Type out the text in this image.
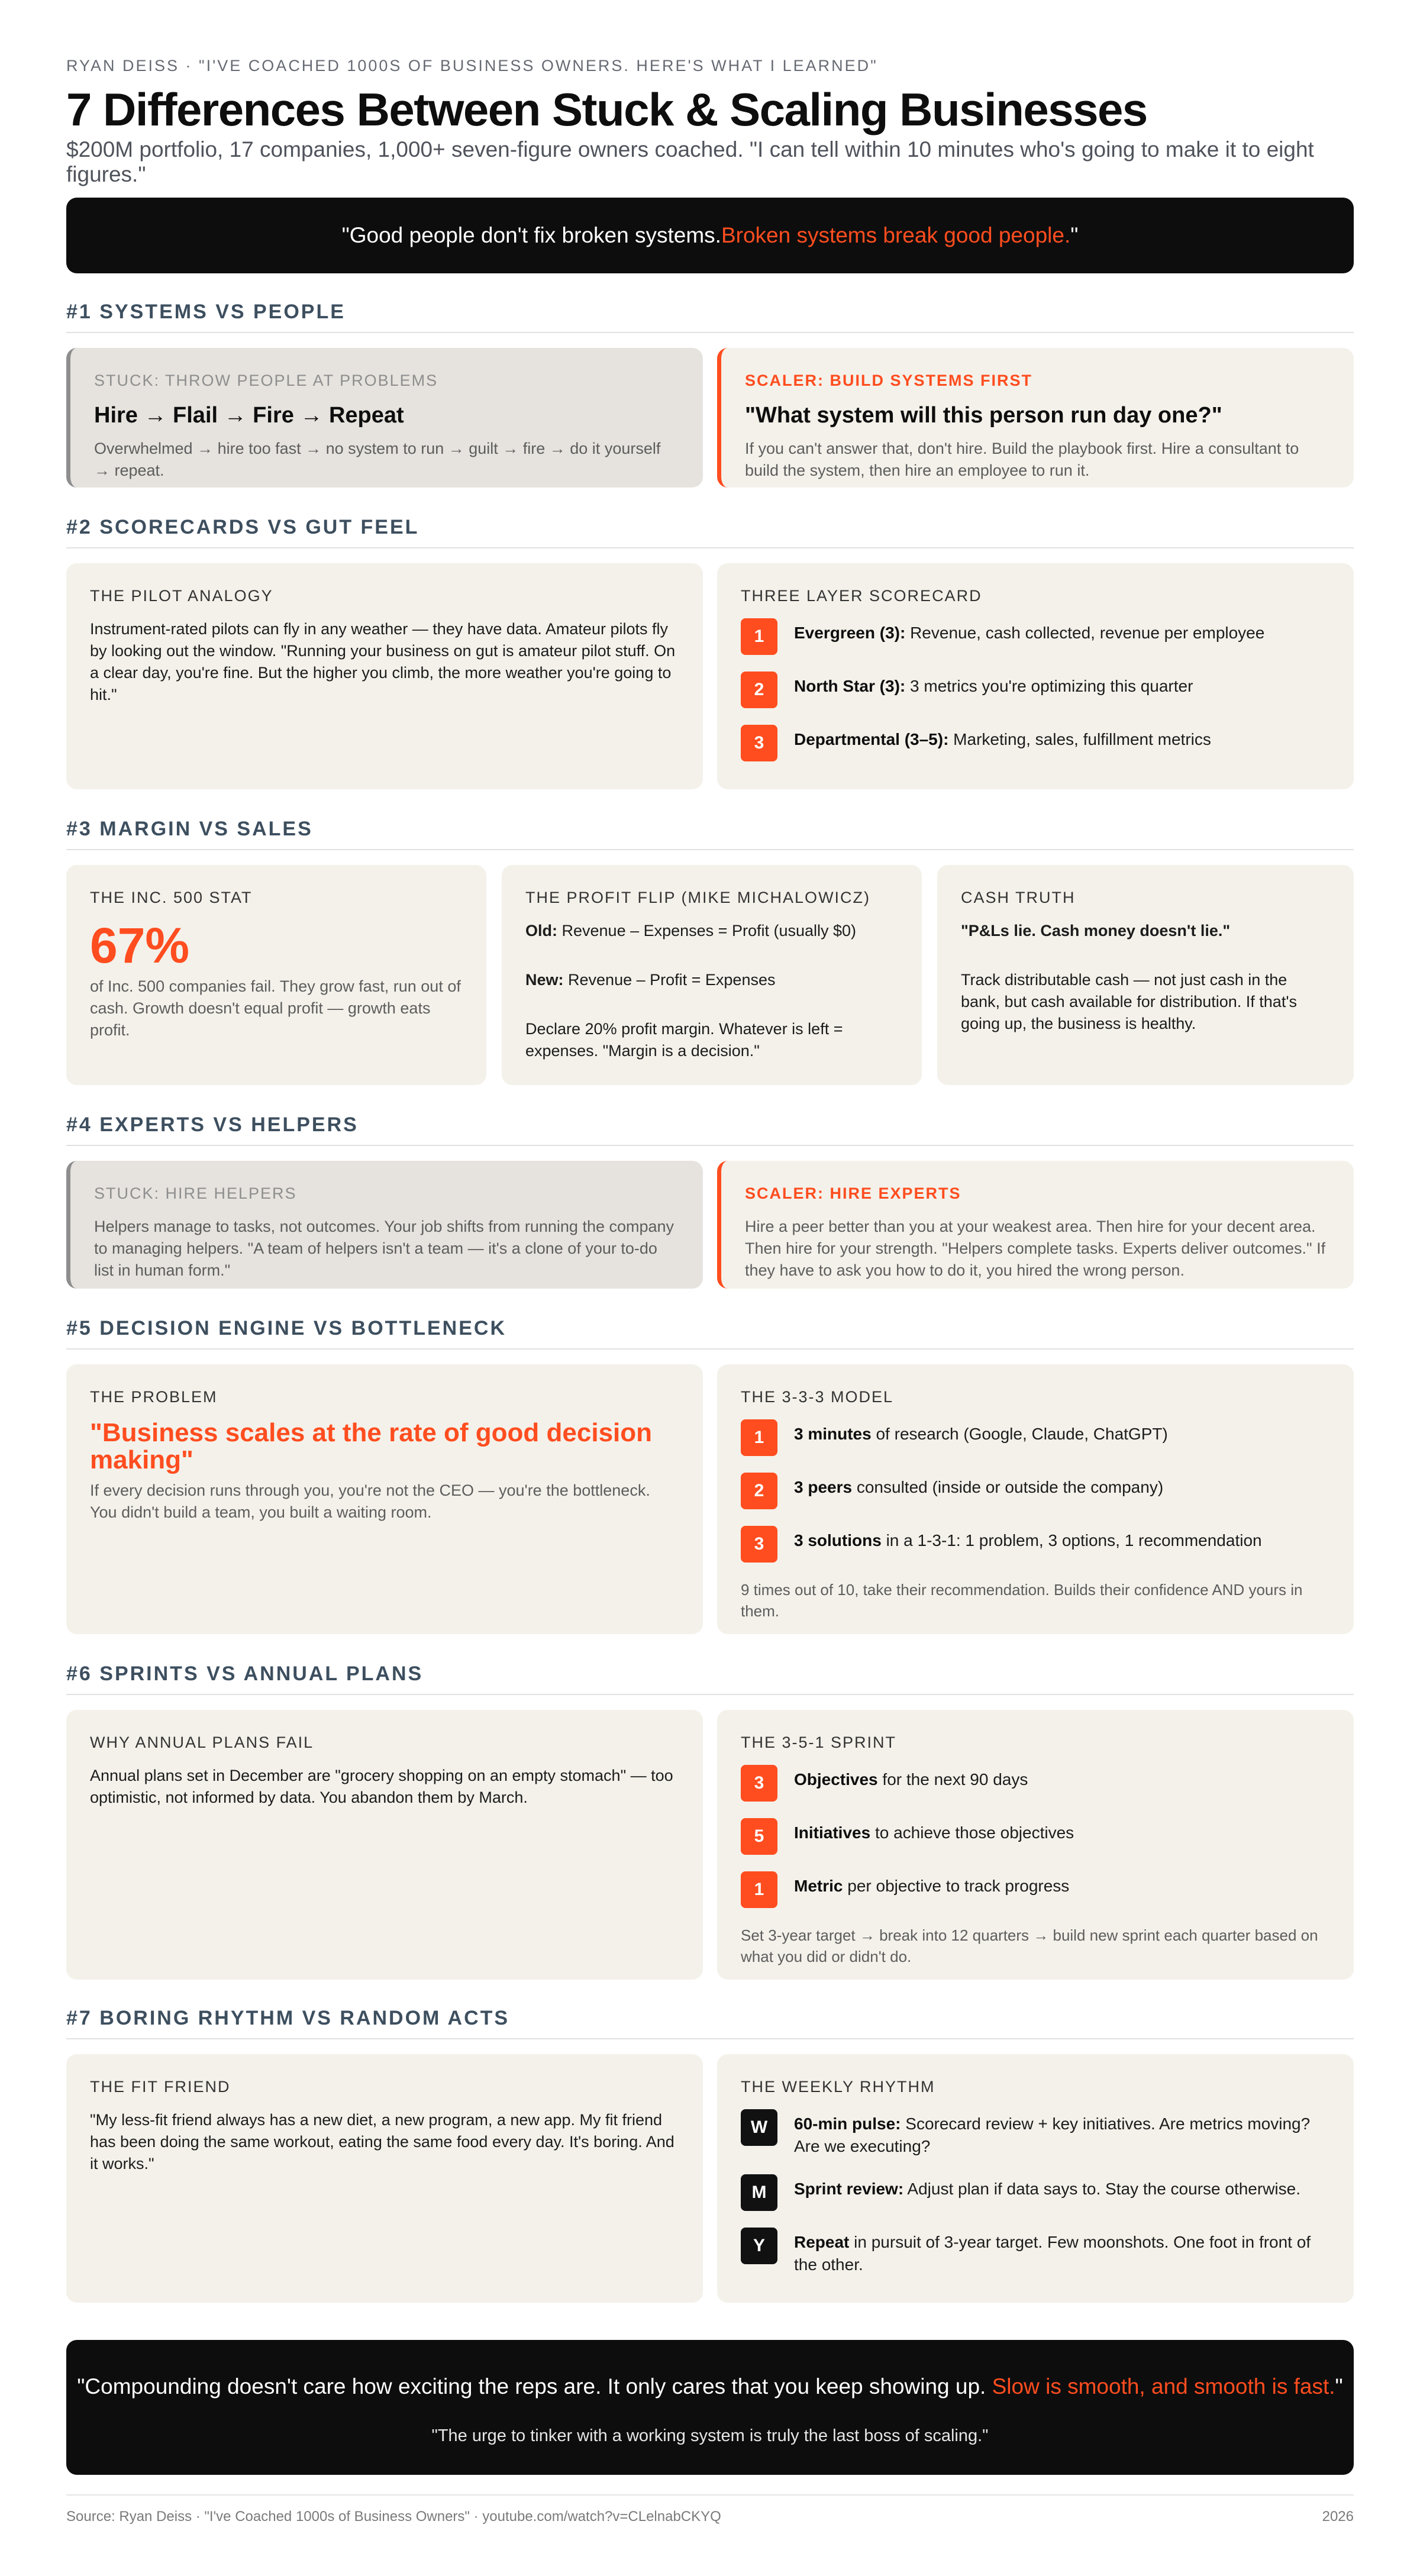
RYAN DEISS · "I'VE COACHED 1000S OF BUSINESS OWNERS. HERE'S WHAT I LEARNED"
7 Differences Between Stuck & Scaling Businesses
$200M portfolio, 17 companies, 1,000+ seven-figure owners coached. "I can tell within 10 minutes who's going to make it to eight figures."
"Good people don't fix broken systems. Broken systems break good people. "
#1 SYSTEMS VS PEOPLE
STUCK: THROW PEOPLE AT PROBLEMS
Hire → Flail → Fire → Repeat
Overwhelmed → hire too fast → no system to run → guilt → fire → do it yourself → repeat.
SCALER: BUILD SYSTEMS FIRST
"What system will this person run day one?"
If you can't answer that, don't hire. Build the playbook first. Hire a consultant to build the system, then hire an employee to run it.
#2 SCORECARDS VS GUT FEEL
THE PILOT ANALOGY
Instrument-rated pilots can fly in any weather — they have data. Amateur pilots fly by looking out the window. "Running your business on gut is amateur pilot stuff. On a clear day, you're fine. But the higher you climb, the more weather you're going to hit."
THREE LAYER SCORECARD
1	Evergreen (3): Revenue, cash collected, revenue per employee
2	North Star (3): 3 metrics you're optimizing this quarter
3	Departmental (3–5): Marketing, sales, fulfillment metrics
#3 MARGIN VS SALES
THE INC. 500 STAT
67%
of Inc. 500 companies fail. They grow fast, run out of cash. Growth doesn't equal profit — growth eats profit.
THE PROFIT FLIP (MIKE MICHALOWICZ)
Old: Revenue – Expenses = Profit (usually $0)
New: Revenue – Profit = Expenses
Declare 20% profit margin. Whatever is left = expenses. "Margin is a decision."
CASH TRUTH
"P&Ls lie. Cash money doesn't lie."
Track distributable cash — not just cash in the bank, but cash available for distribution. If that's going up, the business is healthy.
#4 EXPERTS VS HELPERS
STUCK: HIRE HELPERS
Helpers manage to tasks, not outcomes. Your job shifts from running the company to managing helpers. "A team of helpers isn't a team — it's a clone of your to-do list in human form."
SCALER: HIRE EXPERTS
Hire a peer better than you at your weakest area. Then hire for your decent area. Then hire for your strength. "Helpers complete tasks. Experts deliver outcomes." If they have to ask you how to do it, you hired the wrong person.
#5 DECISION ENGINE VS BOTTLENECK
THE PROBLEM
"Business scales at the rate of good decision making"
If every decision runs through you, you're not the CEO — you're the bottleneck. You didn't build a team, you built a waiting room.
THE 3-3-3 MODEL
1	3 minutes of research (Google, Claude, ChatGPT)
2	3 peers consulted (inside or outside the company)
3	3 solutions in a 1-3-1: 1 problem, 3 options, 1 recommendation
9 times out of 10, take their recommendation. Builds their confidence AND yours in them.
#6 SPRINTS VS ANNUAL PLANS
WHY ANNUAL PLANS FAIL
Annual plans set in December are "grocery shopping on an empty stomach" — too optimistic, not informed by data. You abandon them by March.
THE 3-5-1 SPRINT
3	Objectives for the next 90 days
5	Initiatives to achieve those objectives
1	Metric per objective to track progress
Set 3-year target → break into 12 quarters → build new sprint each quarter based on what you did or didn't do.
#7 BORING RHYTHM VS RANDOM ACTS
THE FIT FRIEND
"My less-fit friend always has a new diet, a new program, a new app. My fit friend has been doing the same workout, eating the same food every day. It's boring. And it works."
THE WEEKLY RHYTHM
W	60-min pulse: Scorecard review + key initiatives. Are metrics moving? Are we executing?
M	Sprint review: Adjust plan if data says to. Stay the course otherwise.
Y	Repeat in pursuit of 3-year target. Few moonshots. One foot in front of the other.
"Compounding doesn't care how exciting the reps are. It only cares that you keep showing up. Slow is smooth, and smooth is fast."
"The urge to tinker with a working system is truly the last boss of scaling."
Source: Ryan Deiss · "I've Coached 1000s of Business Owners" · youtube.com/watch?v=CLelnabCKYQ	2026
